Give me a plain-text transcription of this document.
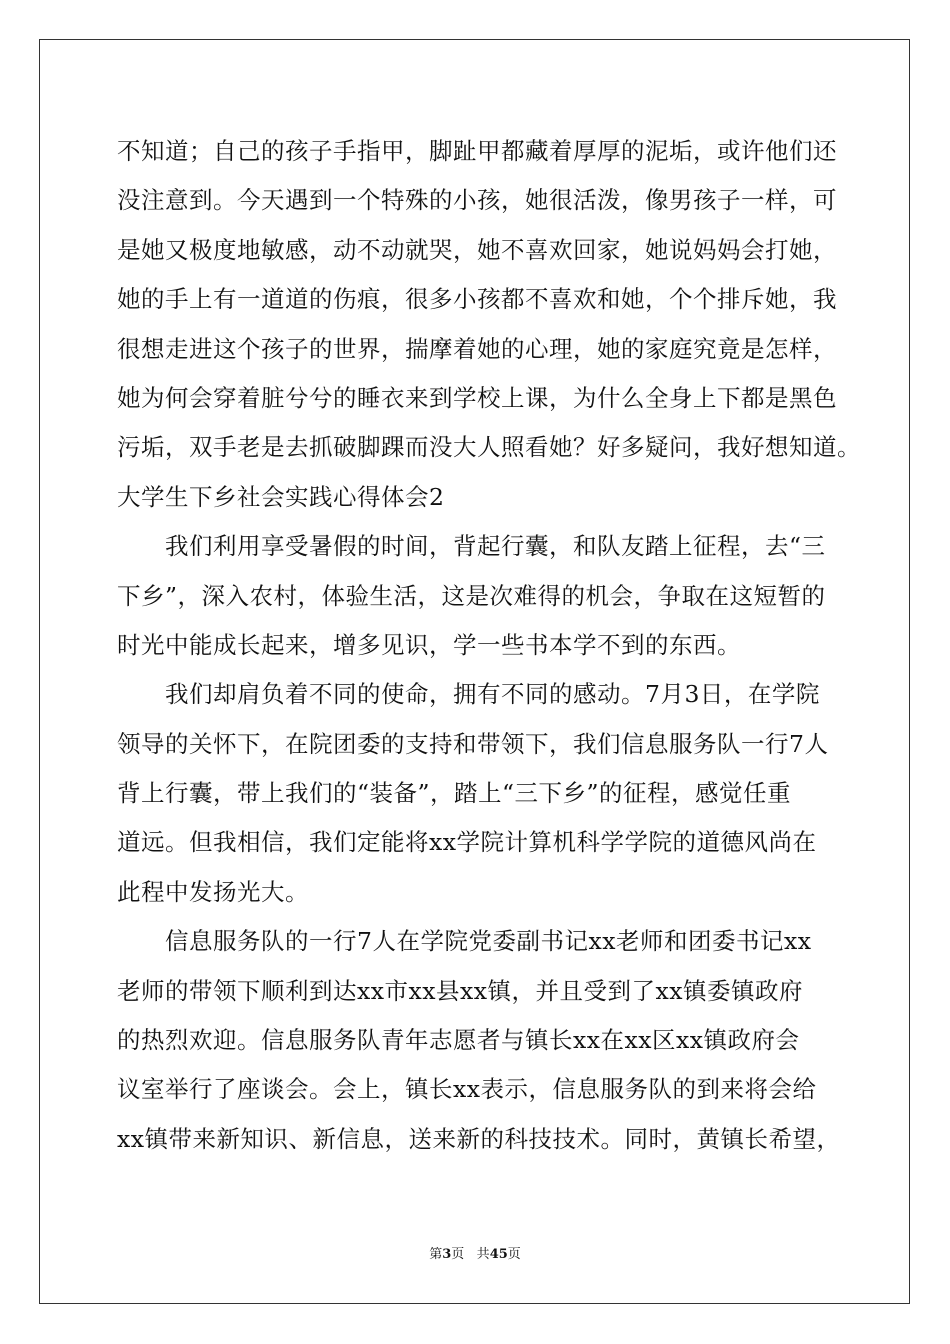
不知道；自己的孩子手指甲，脚趾甲都藏着厚厚的泥垢，或许他们还
没注意到。今天遇到一个特殊的小孩，她很活泼，像男孩子一样，可
是她又极度地敏感，动不动就哭，她不喜欢回家，她说妈妈会打她，
她的手上有一道道的伤痕，很多小孩都不喜欢和她，个个排斥她，我
很想走进这个孩子的世界，揣摩着她的心理，她的家庭究竟是怎样，
她为何会穿着脏兮兮的睡衣来到学校上课，为什么全身上下都是黑色
污垢，双手老是去抓破脚踝而没大人照看她？好多疑问，我好想知道。
大学生下乡社会实践心得体会2
　　我们利用享受暑假的时间，背起行囊，和队友踏上征程，去“三
下乡”，深入农村，体验生活，这是次难得的机会，争取在这短暂的
时光中能成长起来，增多见识，学一些书本学不到的东西。
　　我们却肩负着不同的使命，拥有不同的感动。7月3日，在学院
领导的关怀下，在院团委的支持和带领下，我们信息服务队一行7人
背上行囊，带上我们的“装备”，踏上“三下乡”的征程，感觉任重
道远。但我相信，我们定能将xx学院计算机科学学院的道德风尚在
此程中发扬光大。
　　信息服务队的一行7人在学院党委副书记xx老师和团委书记xx
老师的带领下顺利到达xx市xx县xx镇，并且受到了xx镇委镇政府
的热烈欢迎。信息服务队青年志愿者与镇长xx在xx区xx镇政府会
议室举行了座谈会。会上，镇长xx表示，信息服务队的到来将会给
xx镇带来新知识、新信息，送来新的科技技术。同时，黄镇长希望，
第3页 共45页
